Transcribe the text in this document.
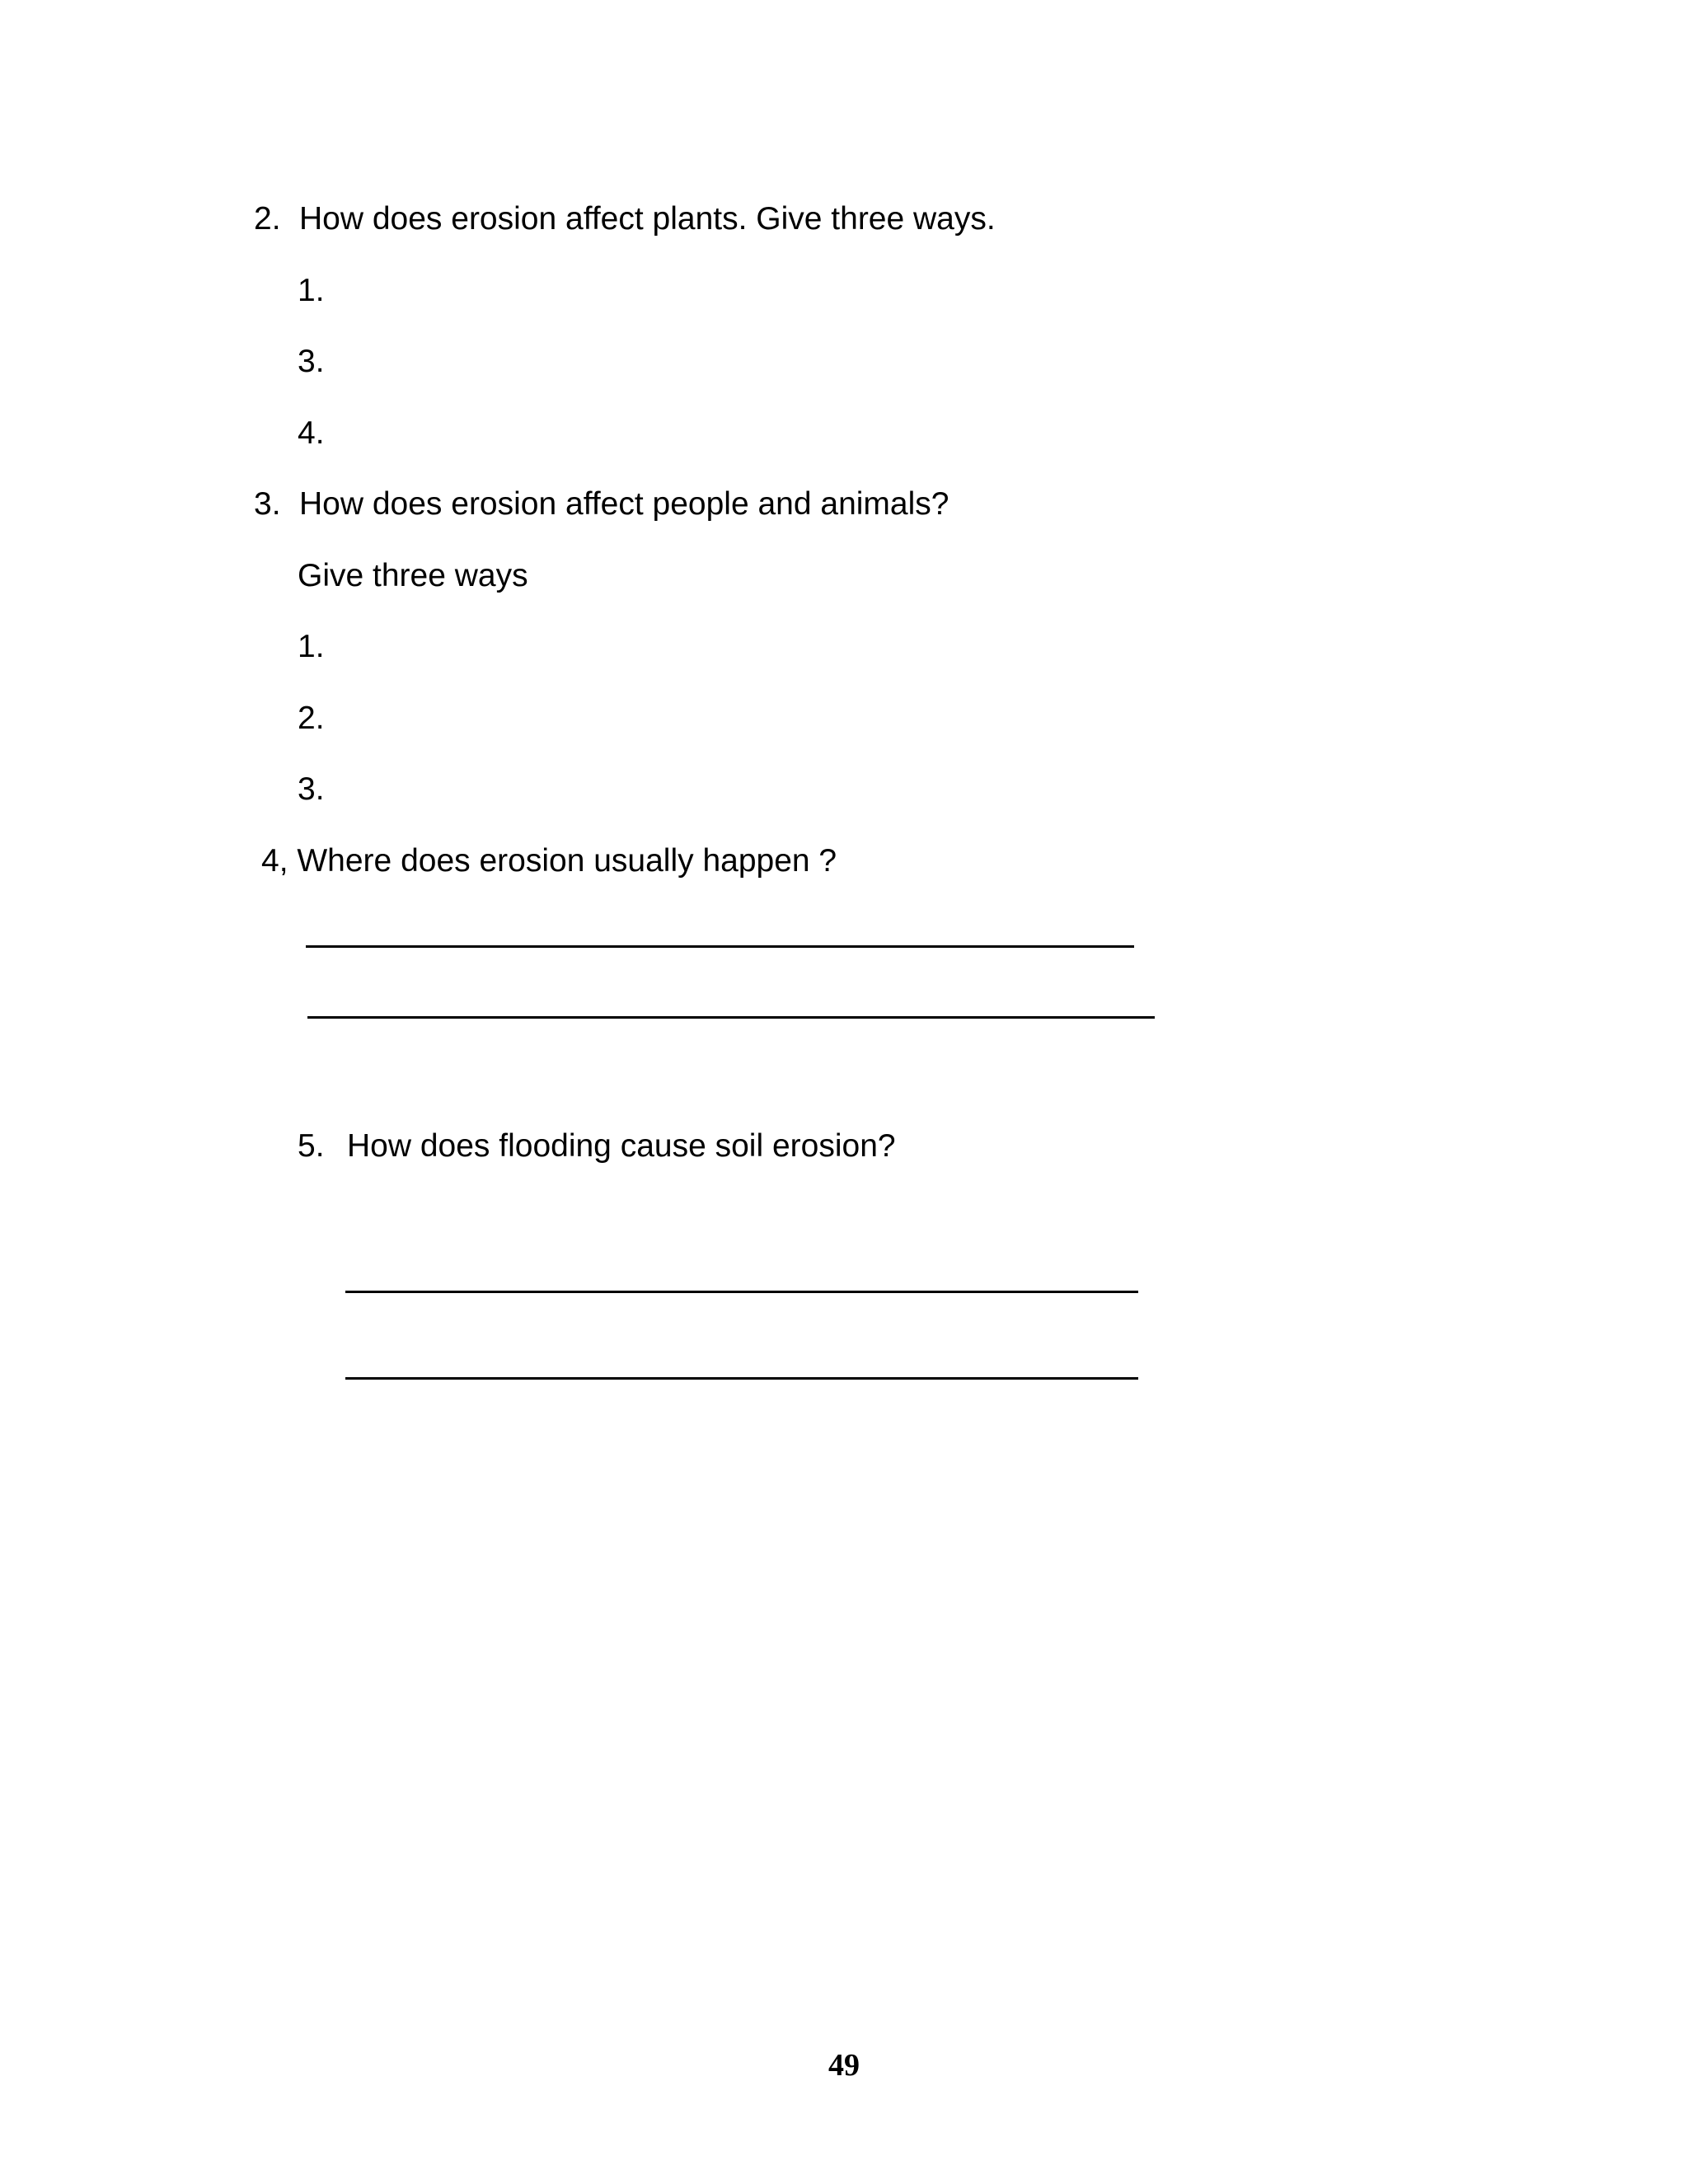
2. How does erosion affect plants. Give three ways.
1.
3.
4.
3. How does erosion affect people and animals?
Give three ways
1.
2.
3.
4, Where does erosion usually happen ?
5. How does flooding cause soil erosion?
49
